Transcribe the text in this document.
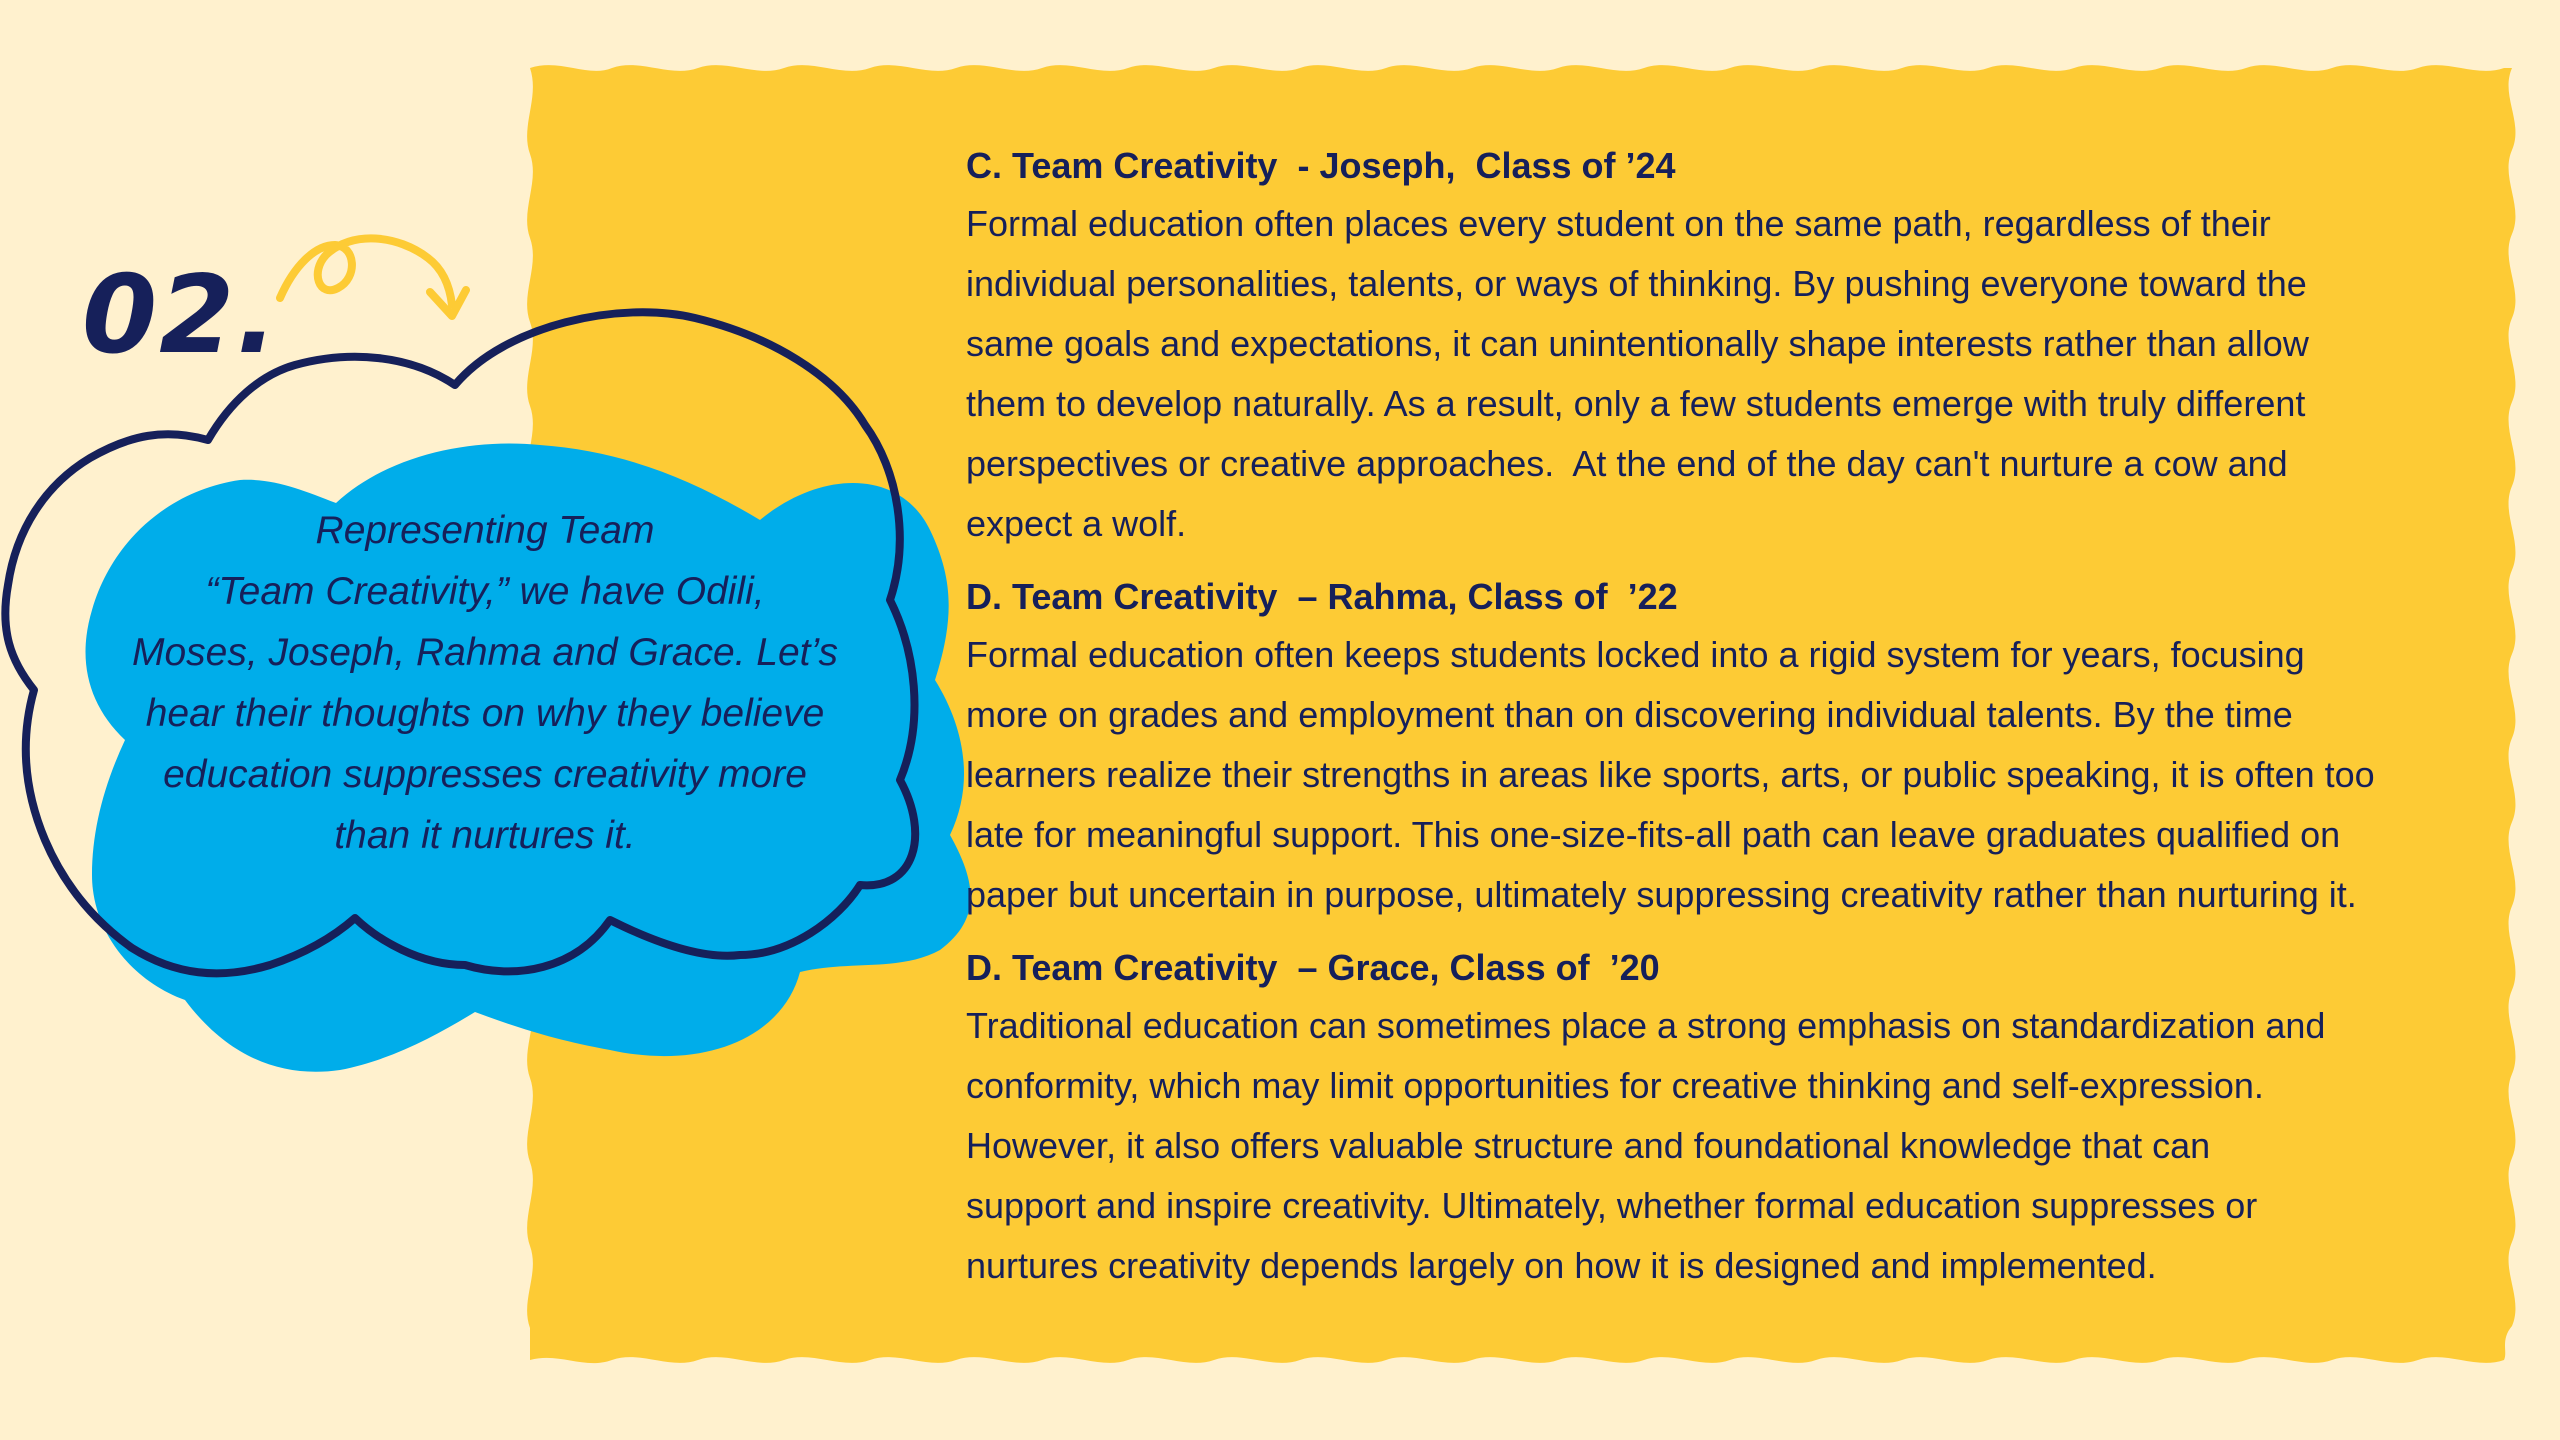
02.

Representing Team
“Team Creativity,” we have Odili,
Moses, Joseph, Rahma and Grace. Let’s
hear their thoughts on why they believe
education suppresses creativity more
than it nurtures it.

C. Team Creativity  - Joseph,  Class of ’24

Formal education often places every student on the same path, regardless of their
individual personalities, talents, or ways of thinking. By pushing everyone toward the
same goals and expectations, it can unintentionally shape interests rather than allow
them to develop naturally. As a result, only a few students emerge with truly different
perspectives or creative approaches.  At the end of the day can't nurture a cow and
expect a wolf.

D. Team Creativity  – Rahma, Class of  ’22

Formal education often keeps students locked into a rigid system for years, focusing
more on grades and employment than on discovering individual talents. By the time
learners realize their strengths in areas like sports, arts, or public speaking, it is often too
late for meaningful support. This one-size-fits-all path can leave graduates qualified on
paper but uncertain in purpose, ultimately suppressing creativity rather than nurturing it.

D. Team Creativity  – Grace, Class of  ’20

Traditional education can sometimes place a strong emphasis on standardization and
conformity, which may limit opportunities for creative thinking and self-expression.
However, it also offers valuable structure and foundational knowledge that can
support and inspire creativity. Ultimately, whether formal education suppresses or
nurtures creativity depends largely on how it is designed and implemented.
